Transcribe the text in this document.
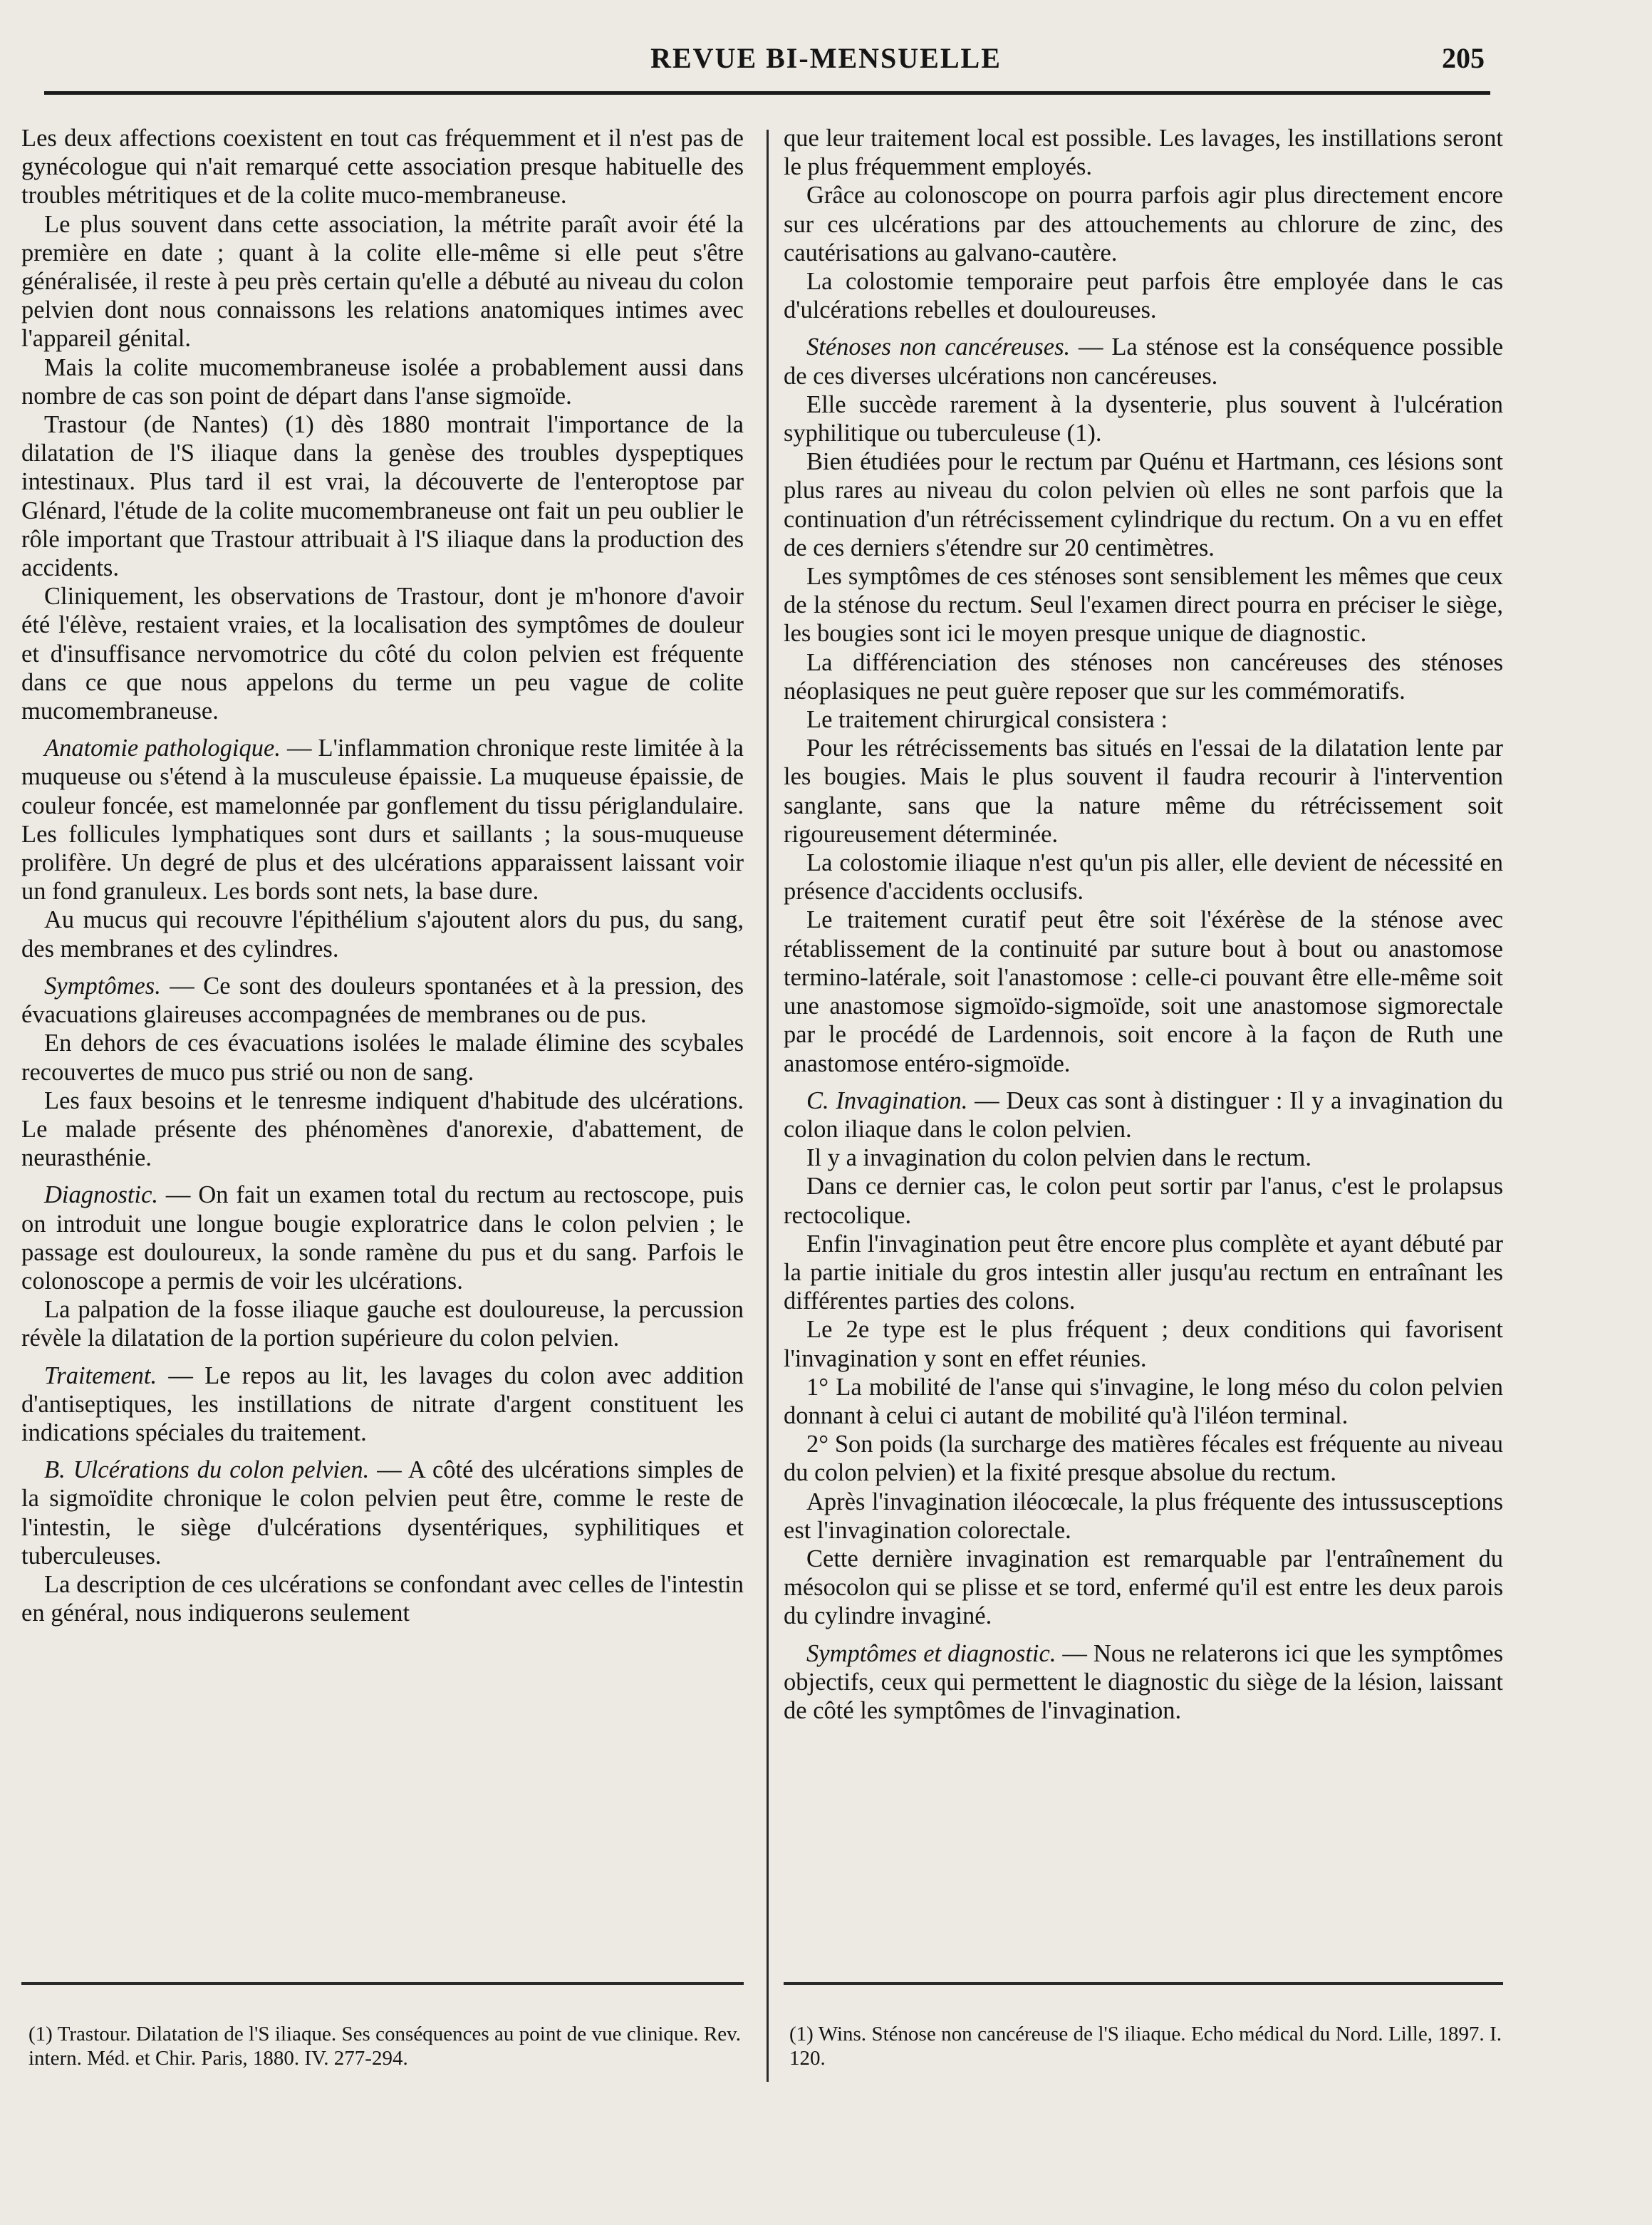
REVUE BI-MENSUELLE	205

Les deux affections coexistent en tout cas fréquemment et il n'est pas de gynécologue qui n'ait remarqué cette association presque habituelle des troubles métritiques et de la colite muco-membraneuse.

Le plus souvent dans cette association, la métrite paraît avoir été la première en date ; quant à la colite elle-même si elle peut s'être généralisée, il reste à peu près certain qu'elle a débuté au niveau du colon pelvien dont nous connaissons les relations anatomiques intimes avec l'appareil génital.

Mais la colite mucomembraneuse isolée a probablement aussi dans nombre de cas son point de départ dans l'anse sigmoïde.

Trastour (de Nantes) (1) dès 1880 montrait l'importance de la dilatation de l'S iliaque dans la genèse des troubles dyspeptiques intestinaux. Plus tard il est vrai, la découverte de l'enteroptose par Glénard, l'étude de la colite mucomembraneuse ont fait un peu oublier le rôle important que Trastour attribuait à l'S iliaque dans la production des accidents.

Cliniquement, les observations de Trastour, dont je m'honore d'avoir été l'élève, restaient vraies, et la localisation des symptômes de douleur et d'insuffisance nervomotrice du côté du colon pelvien est fréquente dans ce que nous appelons du terme un peu vague de colite mucomembraneuse.

Anatomie pathologique. — L'inflammation chronique reste limitée à la muqueuse ou s'étend à la musculeuse épaissie. La muqueuse épaissie, de couleur foncée, est mamelonnée par gonflement du tissu périglandulaire. Les follicules lymphatiques sont durs et saillants ; la sous-muqueuse prolifère. Un degré de plus et des ulcérations apparaissent laissant voir un fond granuleux. Les bords sont nets, la base dure.

Au mucus qui recouvre l'épithélium s'ajoutent alors du pus, du sang, des membranes et des cylindres.

Symptômes. — Ce sont des douleurs spontanées et à la pression, des évacuations glaireuses accompagnées de membranes ou de pus.

En dehors de ces évacuations isolées le malade élimine des scybales recouvertes de muco pus strié ou non de sang.

Les faux besoins et le tenresme indiquent d'habitude des ulcérations. Le malade présente des phénomènes d'anorexie, d'abattement, de neurasthénie.

Diagnostic. — On fait un examen total du rectum au rectoscope, puis on introduit une longue bougie exploratrice dans le colon pelvien ; le passage est douloureux, la sonde ramène du pus et du sang. Parfois le colonoscope a permis de voir les ulcérations.

La palpation de la fosse iliaque gauche est douloureuse, la percussion révèle la dilatation de la portion supérieure du colon pelvien.

Traitement. — Le repos au lit, les lavages du colon avec addition d'antiseptiques, les instillations de nitrate d'argent constituent les indications spéciales du traitement.

B. Ulcérations du colon pelvien. — A côté des ulcérations simples de la sigmoïdite chronique le colon pelvien peut être, comme le reste de l'intestin, le siège d'ulcérations dysentériques, syphilitiques et tuberculeuses.

La description de ces ulcérations se confondant avec celles de l'intestin en général, nous indiquerons seulement

que leur traitement local est possible. Les lavages, les instillations seront le plus fréquemment employés.

Grâce au colonoscope on pourra parfois agir plus directement encore sur ces ulcérations par des attouchements au chlorure de zinc, des cautérisations au galvano-cautère.

La colostomie temporaire peut parfois être employée dans le cas d'ulcérations rebelles et douloureuses.

Sténoses non cancéreuses. — La sténose est la conséquence possible de ces diverses ulcérations non cancéreuses.

Elle succède rarement à la dysenterie, plus souvent à l'ulcération syphilitique ou tuberculeuse (1).

Bien étudiées pour le rectum par Quénu et Hartmann, ces lésions sont plus rares au niveau du colon pelvien où elles ne sont parfois que la continuation d'un rétrécissement cylindrique du rectum. On a vu en effet de ces derniers s'étendre sur 20 centimètres.

Les symptômes de ces sténoses sont sensiblement les mêmes que ceux de la sténose du rectum. Seul l'examen direct pourra en préciser le siège, les bougies sont ici le moyen presque unique de diagnostic.

La différenciation des sténoses non cancéreuses des sténoses néoplasiques ne peut guère reposer que sur les commémoratifs.

Le traitement chirurgical consistera :

Pour les rétrécissements bas situés en l'essai de la dilatation lente par les bougies. Mais le plus souvent il faudra recourir à l'intervention sanglante, sans que la nature même du rétrécissement soit rigoureusement déterminée.

La colostomie iliaque n'est qu'un pis aller, elle devient de nécessité en présence d'accidents occlusifs.

Le traitement curatif peut être soit l'éxérèse de la sténose avec rétablissement de la continuité par suture bout à bout ou anastomose termino-latérale, soit l'anastomose : celle-ci pouvant être elle-même soit une anastomose sigmoïdo-sigmoïde, soit une anastomose sigmorectale par le procédé de Lardennois, soit encore à la façon de Ruth une anastomose entéro-sigmoïde.

C. Invagination. — Deux cas sont à distinguer : Il y a invagination du colon iliaque dans le colon pelvien.

Il y a invagination du colon pelvien dans le rectum.

Dans ce dernier cas, le colon peut sortir par l'anus, c'est le prolapsus rectocolique.

Enfin l'invagination peut être encore plus complète et ayant débuté par la partie initiale du gros intestin aller jusqu'au rectum en entraînant les différentes parties des colons.

Le 2e type est le plus fréquent ; deux conditions qui favorisent l'invagination y sont en effet réunies.

1° La mobilité de l'anse qui s'invagine, le long méso du colon pelvien donnant à celui ci autant de mobilité qu'à l'iléon terminal.

2° Son poids (la surcharge des matières fécales est fréquente au niveau du colon pelvien) et la fixité presque absolue du rectum.

Après l'invagination iléocœcale, la plus fréquente des intussusceptions est l'invagination colorectale.

Cette dernière invagination est remarquable par l'entraînement du mésocolon qui se plisse et se tord, enfermé qu'il est entre les deux parois du cylindre invaginé.

Symptômes et diagnostic. — Nous ne relaterons ici que les symptômes objectifs, ceux qui permettent le diagnostic du siège de la lésion, laissant de côté les symptômes de l'invagination.

(1) Trastour. Dilatation de l'S iliaque. Ses conséquences au point de vue clinique. Rev. intern. Méd. et Chir. Paris, 1880. IV. 277-294.
(1) Wins. Sténose non cancéreuse de l'S iliaque. Echo médical du Nord. Lille, 1897. I. 120.
